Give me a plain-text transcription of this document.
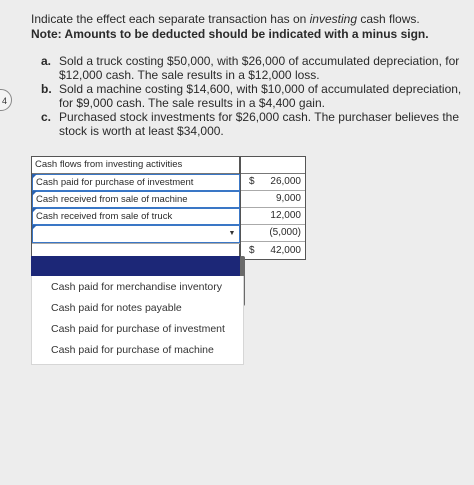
4
Indicate the effect each separate transaction has on investing cash flows.
Note: Amounts to be deducted should be indicated with a minus sign.
a. Sold a truck costing $50,000, with $26,000 of accumulated depreciation, for $12,000 cash. The sale results in a $12,000 loss.
b. Sold a machine costing $14,600, with $10,000 of accumulated depreciation, for $9,000 cash. The sale results in a $4,400 gain.
c. Purchased stock investments for $26,000 cash. The purchaser believes the stock is worth at least $34,000.
Cash flows from investing activities
Cash paid for purchase of investment	$	26,000
Cash received from sale of machine	9,000
Cash received from sale of truck	12,000
▼	(5,000)
$	42,000
Cash paid for merchandise inventory
Cash paid for notes payable
Cash paid for purchase of investment
Cash paid for purchase of machine
